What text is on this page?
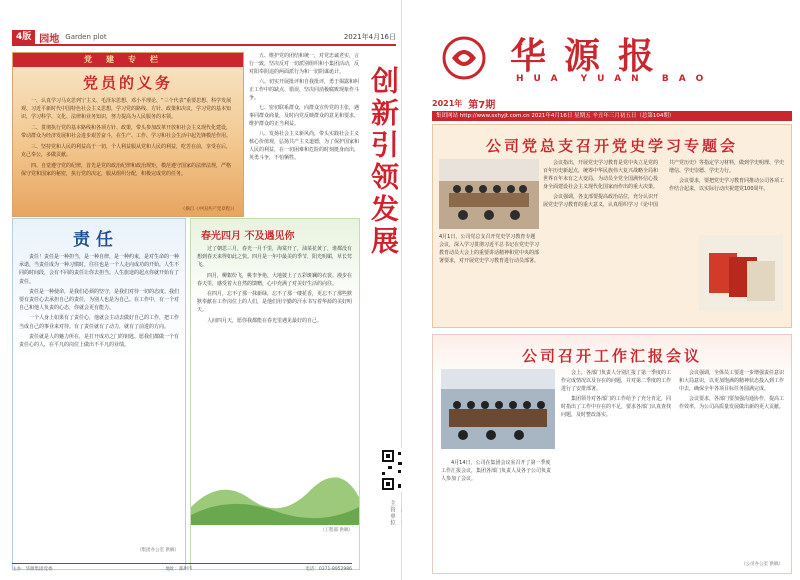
4版 园地 Garden plot	2021年4月16日
党建专栏
党员的义务

一、认真学习马克思列宁主义、毛泽东思想、邓小平理论、“三个代表”重要思想、科学发展观、习近平新时代中国特色社会主义思想，学习党的路线、方针、政策和决议，学习党的基本知识，学习科学、文化、法律和业务知识，努力提高为人民服务的本领。

二、贯彻执行党的基本路线和各项方针、政策，带头参加改革开放和社会主义现代化建设，带动群众为经济发展和社会进步艰苦奋斗，在生产、工作、学习和社会生活中起先锋模范作用。

三、坚持党和人民的利益高于一切，个人利益服从党和人民的利益，吃苦在前，享受在后，克己奉公，多做贡献。

四、自觉遵守党的纪律，首先是党的政治纪律和政治规矩，模范遵守国家的法律法规，严格保守党和国家的秘密，执行党的决定，服从组织分配，积极完成党的任务。

（摘自《中国共产党章程》）

五、维护党的团结和统一，对党忠诚老实，言行一致，坚决反对一切派别组织和小集团活动，反对阳奉阴违的两面派行为和一切阴谋诡计。

六、切实开展批评和自我批评，勇于揭露和纠正工作中的缺点、错误，坚决同消极腐败现象作斗争。

七、密切联系群众，向群众宣传党的主张，遇事同群众商量，及时向党反映群众的意见和要求，维护群众的正当利益。

八、发扬社会主义新风尚，带头实践社会主义核心价值观，弘扬共产主义道德，为了保护国家和人民的利益，在一切困难和危险的时刻挺身而出，英勇斗争，不怕牺牲。

责任

责任！责任是一种担当，是一种自律，是一种约束，是对生命的一种承诺。当责任成为一种习惯时，往往也是一个人走向成功的开始。人生不同的时间段，会有不同的责任让你去担当。人生旅途的起点你就开始有了责任。

责任是一种使命，是我们必须的坚守，是我们对待一切的态度。我们要有责任心去承担自己的责任，为别人也是为自己。在工作中，有一个对自己和他人负责的心态，你就会更有能力。

一个人身上如果有了责任心，他就会主动去做好自己的工作，把工作当成自己的事业来对待。有了责任就有了动力，就有了前进的方向。

责任就是人的魅力所在，是打开成功之门的钥匙。愿我们都做一个有责任心的人，在平凡的岗位上做出不平凡的业绩。

（集团办公室 供稿）
春光四月 不及遇见你

过了朝思三月，春光一月千里，海棠开了，油菜花黄了，谁都没有想到春天来得如此之快。四月是一年中最美的季节，阳光明媚，草长莺飞。

四月，柳絮纷飞，桃李争艳，大地披上了五彩斑斓的衣裳。漫步在春天里，感受着大自然的馈赠，心中充满了对美好生活的向往。

在四月，忘不了那一抹新绿，忘不了那一缕花香，更忘不了那些默默奉献在工作岗位上的人们，是他们用辛勤的汗水书写着华源的美好明天。

人间四月天，愿你我都能在春光里遇见最好的自己。

（工程部 供稿）
主办：华源集团党委	地址：郑州市	电话：0371-8952986
创新引领发展
主管单位
华源报
HUA YUAN BAO
2021年 第7期
集团网站 http://www.sxhyjt.com.cn 2021年4月16日 星期五 辛丑年三月初五日（总第104期）
公司党总支召开党史学习专题会

4月1日，公司党总支召开党史学习教育专题会议，深入学习贯彻习近平总书记在党史学习教育动员大会上的重要讲话精神和党中央的部署要求，对开展党史学习教育进行动员部署。

会议指出，开展党史学习教育是党中央立足党的百年历史新起点，统筹中华民族伟大复兴战略全局和世界百年未有之大变局，为动员全党全国满怀信心投身全面建设社会主义现代化国家而作出的重大决策。

会议强调，各支部要提高政治站位，充分认识开展党史学习教育的重大意义，认真组织学习《论中国共产党历史》等指定学习材料，做到学史明理、学史增信、学史崇德、学史力行。

会议要求，要把党史学习教育同推动公司各项工作结合起来，以实际行动庆祝建党100周年。

公司召开工作汇报会议

4月14日，公司在集团会议室召开了第一季度工作汇报会议，集团各部门负责人及各子公司负责人参加了会议。

会上，各部门负责人分别汇报了第一季度的工作完成情况以及存在的问题，并对第二季度的工作进行了安排部署。

集团领导对各部门的工作给予了充分肯定，同时指出了工作中存在的不足，要求各部门认真查找问题，及时整改落实。

会议强调，全体员工要进一步增强责任意识和大局意识，以更加饱满的精神状态投入到工作中去，确保全年各项目标任务圆满完成。

会议要求，各部门要加强沟通协作，提高工作效率，为公司高质量发展做出新的更大贡献。

（公司办公室 供稿）
